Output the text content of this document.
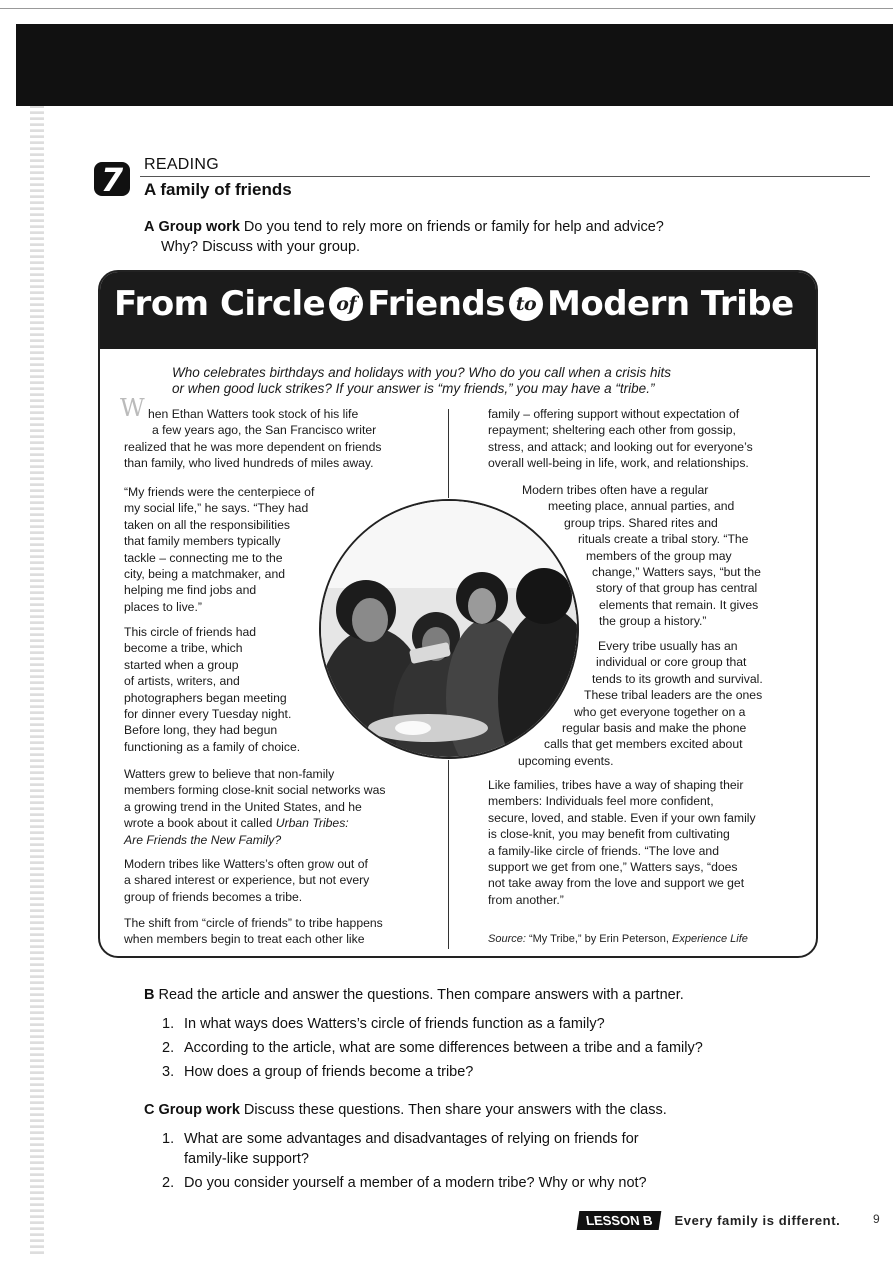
7 READING
A family of friends
A Group work Do you tend to rely more on friends or family for help and advice?
Why? Discuss with your group.
From Circle of Friends to Modern Tribe
Who celebrates birthdays and holidays with you? Who do you call when a crisis hits
or when good luck strikes? If your answer is “my friends,” you may have a “tribe.”
W hen Ethan Watters took stock of his life
a few years ago, the San Francisco writer
realized that he was more dependent on friends
than family, who lived hundreds of miles away.
“My friends were the centerpiece of
my social life,” he says. “They had
taken on all the responsibilities
that family members typically
tackle – connecting me to the
city, being a matchmaker, and
helping me find jobs and
places to live.”
This circle of friends had
become a tribe, which
started when a group
of artists, writers, and
photographers began meeting
for dinner every Tuesday night.
Before long, they had begun
functioning as a family of choice.
Watters grew to believe that non-family
members forming close-knit social networks was
a growing trend in the United States, and he
wrote a book about it called Urban Tribes:
Are Friends the New Family?
Modern tribes like Watters’s often grow out of
a shared interest or experience, but not every
group of friends becomes a tribe.
The shift from “circle of friends” to tribe happens
when members begin to treat each other like
family – offering support without expectation of
repayment; sheltering each other from gossip,
stress, and attack; and looking out for everyone’s
overall well-being in life, work, and relationships.
Modern tribes often have a regular
meeting place, annual parties, and
group trips. Shared rites and
rituals create a tribal story. “The
members of the group may
change,” Watters says, “but the
story of that group has central
elements that remain. It gives
the group a history.”
Every tribe usually has an
individual or core group that
tends to its growth and survival.
These tribal leaders are the ones
who get everyone together on a
regular basis and make the phone
calls that get members excited about
upcoming events.
Like families, tribes have a way of shaping their
members: Individuals feel more confident,
secure, loved, and stable. Even if your own family
is close-knit, you may benefit from cultivating
a family-like circle of friends. “The love and
support we get from one,” Watters says, “does
not take away from the love and support we get
from another.”
Source: “My Tribe,” by Erin Peterson, Experience Life
B Read the article and answer the questions. Then compare answers with a partner.
1. In what ways does Watters’s circle of friends function as a family?
2. According to the article, what are some differences between a tribe and a family?
3. How does a group of friends become a tribe?
C Group work Discuss these questions. Then share your answers with the class.
1. What are some advantages and disadvantages of relying on friends for
family-like support?
2. Do you consider yourself a member of a modern tribe? Why or why not?
LESSON B	Every family is different.	9
